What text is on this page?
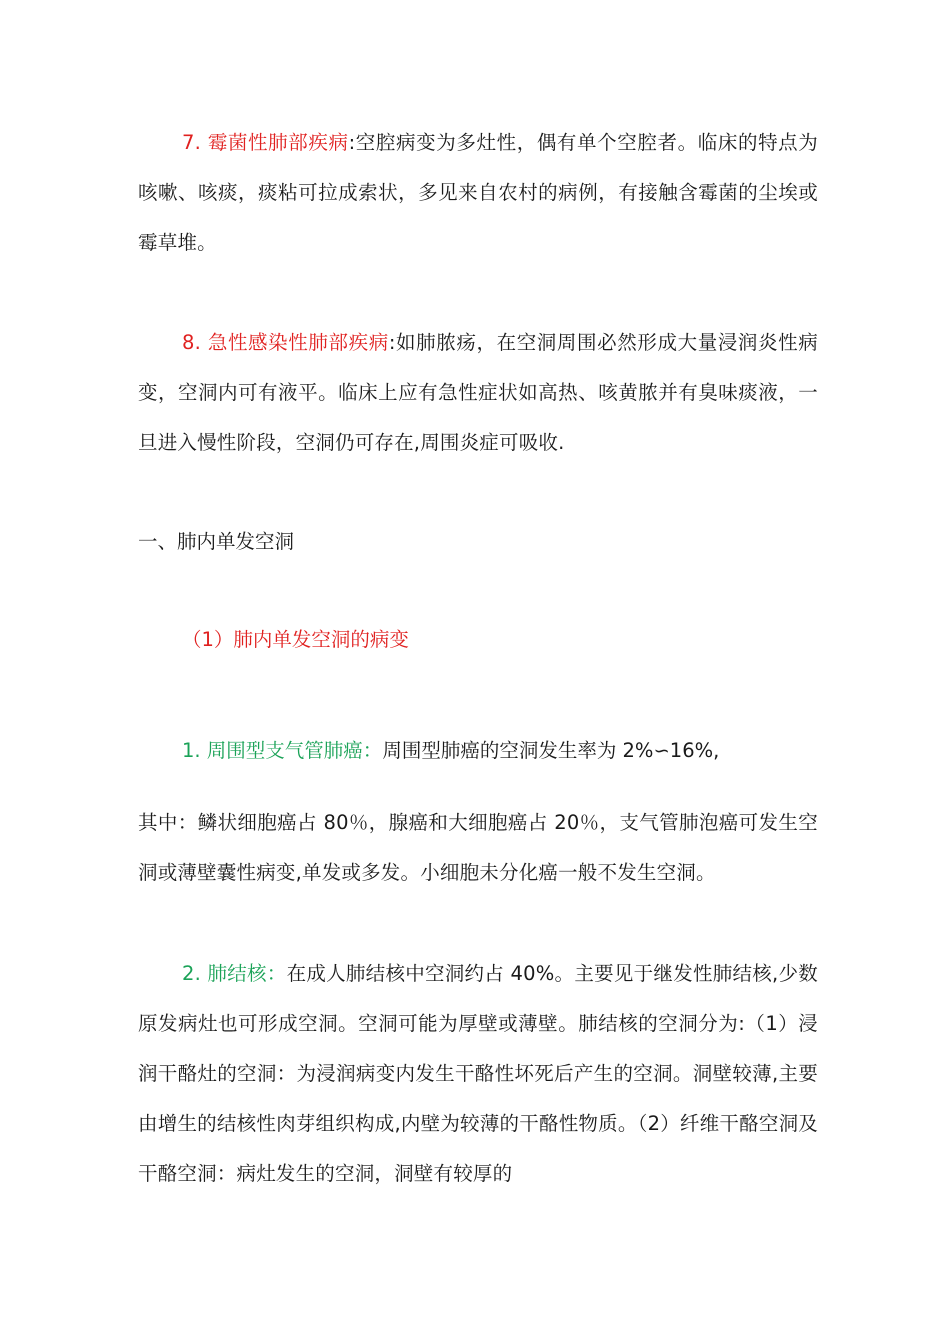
7. 霉菌性肺部疾病:空腔病变为多灶性，偶有单个空腔者。临床的特点为咳嗽、咳痰，痰粘可拉成索状，多见来自农村的病例，有接触含霉菌的尘埃或霉草堆。

8. 急性感染性肺部疾病:如肺脓疡，在空洞周围必然形成大量浸润炎性病变，空洞内可有液平。临床上应有急性症状如高热、咳黄脓并有臭味痰液，一旦进入慢性阶段，空洞仍可存在,周围炎症可吸收.

一、肺内单发空洞

（1）肺内单发空洞的病变

1. 周围型支气管肺癌：周围型肺癌的空洞发生率为 2%∽16%,

其中：鳞状细胞癌占 80％，腺癌和大细胞癌占 20％，支气管肺泡癌可发生空洞或薄壁囊性病变,单发或多发。小细胞未分化癌一般不发生空洞。

2. 肺结核：在成人肺结核中空洞约占 40%。主要见于继发性肺结核,少数原发病灶也可形成空洞。空洞可能为厚壁或薄壁。肺结核的空洞分为:（1）浸润干酪灶的空洞：为浸润病变内发生干酪性坏死后产生的空洞。洞壁较薄,主要由增生的结核性肉芽组织构成,内壁为较薄的干酪性物质。（2）纤维干酪空洞及干酪空洞：病灶发生的空洞，洞壁有较厚的
